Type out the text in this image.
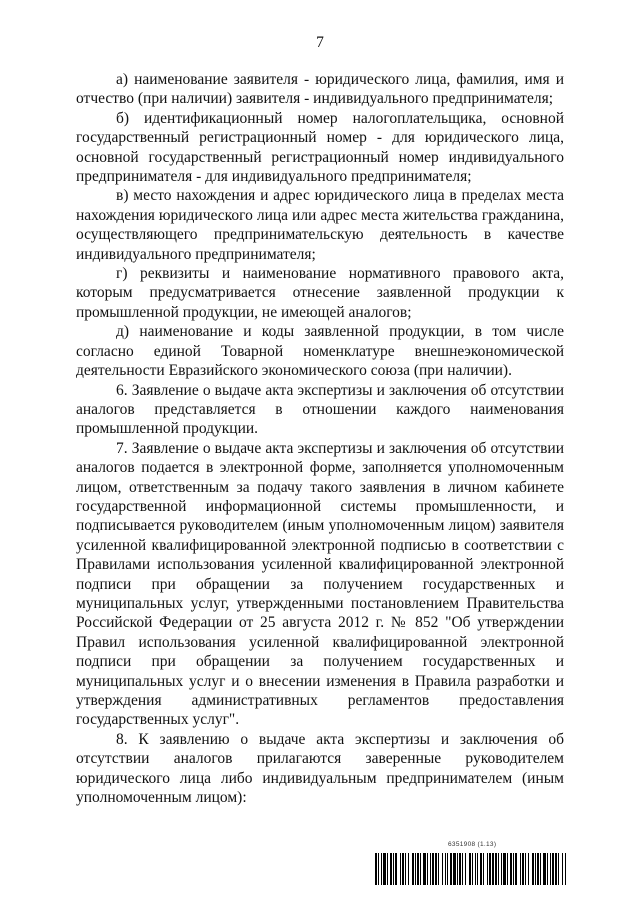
7

а) наименование заявителя - юридического лица, фамилия, имя и отчество (при наличии) заявителя - индивидуального предпринимателя;

б) идентификационный номер налогоплательщика, основной государственный регистрационный номер - для юридического лица, основной государственный регистрационный номер индивидуального предпринимателя - для индивидуального предпринимателя;

в) место нахождения и адрес юридического лица в пределах места нахождения юридического лица или адрес места жительства гражданина, осуществляющего предпринимательскую деятельность в качестве индивидуального предпринимателя;

г) реквизиты и наименование нормативного правового акта, которым предусматривается отнесение заявленной продукции к промышленной продукции, не имеющей аналогов;

д) наименование и коды заявленной продукции, в том числе согласно единой Товарной номенклатуре внешнеэкономической деятельности Евразийского экономического союза (при наличии).

6. Заявление о выдаче акта экспертизы и заключения об отсутствии аналогов представляется в отношении каждого наименования промышленной продукции.

7. Заявление о выдаче акта экспертизы и заключения об отсутствии аналогов подается в электронной форме, заполняется уполномоченным лицом, ответственным за подачу такого заявления в личном кабинете государственной информационной системы промышленности, и подписывается руководителем (иным уполномоченным лицом) заявителя усиленной квалифицированной электронной подписью в соответствии с Правилами использования усиленной квалифицированной электронной подписи при обращении за получением государственных и муниципальных услуг, утвержденными постановлением Правительства Российской Федерации от 25 августа 2012 г. № 852 "Об утверждении Правил использования усиленной квалифицированной электронной подписи при обращении за получением государственных и муниципальных услуг и о внесении изменения в Правила разработки и утверждения административных регламентов предоставления государственных услуг".

8. К заявлению о выдаче акта экспертизы и заключения об отсутствии аналогов прилагаются заверенные руководителем юридического лица либо индивидуальным предпринимателем (иным уполномоченным лицом):

6351908 (1.13)
